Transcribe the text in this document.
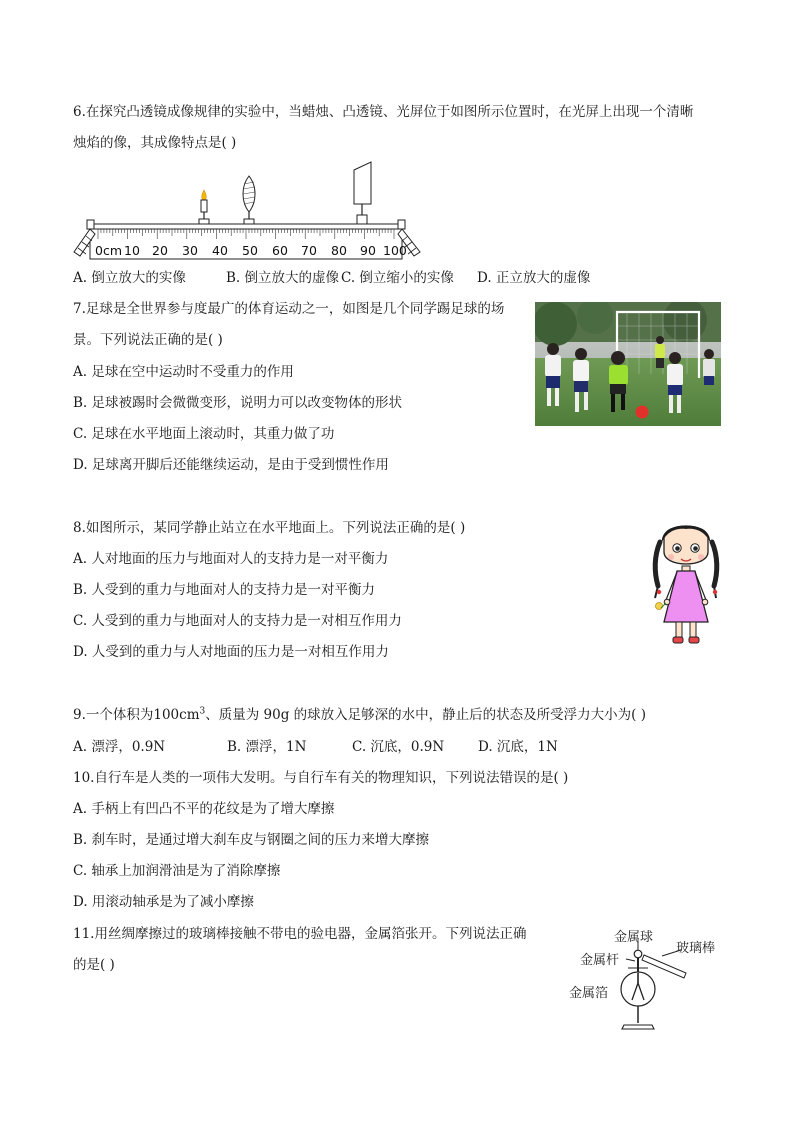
6.在探究凸透镜成像规律的实验中，当蜡烛、凸透镜、光屏位于如图所示位置时，在光屏上出现一个清晰
烛焰的像，其成像特点是( )
0cm 10 20 30 40 50 60 70 80 90 100
A. 倒立放大的实像	B. 倒立放大的虚像 C. 倒立缩小的实像 D. 正立放大的虚像
7.足球是全世界参与度最广的体育运动之一，如图是几个同学踢足球的场
景。下列说法正确的是( )
A. 足球在空中运动时不受重力的作用
B. 足球被踢时会微微变形，说明力可以改变物体的形状
C. 足球在水平地面上滚动时，其重力做了功
D. 足球离开脚后还能继续运动，是由于受到惯性作用
8.如图所示，某同学静止站立在水平地面上。下列说法正确的是( )
A. 人对地面的压力与地面对人的支持力是一对平衡力
B. 人受到的重力与地面对人的支持力是一对平衡力
C. 人受到的重力与地面对人的支持力是一对相互作用力
D. 人受到的重力与人对地面的压力是一对相互作用力
9.一个体积为$100cm^3$、质量为 90g 的球放入足够深的水中，静止后的状态及所受浮力大小为( )
A. 漂浮，0.9N	B. 漂浮，1N	C. 沉底，0.9N	D. 沉底，1N
10.自行车是人类的一项伟大发明。与自行车有关的物理知识，下列说法错误的是( )
A. 手柄上有凹凸不平的花纹是为了增大摩擦
B. 刹车时，是通过增大刹车皮与钢圈之间的压力来增大摩擦
C. 轴承上加润滑油是为了消除摩擦
D. 用滚动轴承是为了减小摩擦
11.用丝绸摩擦过的玻璃棒接触不带电的验电器，金属箔张开。下列说法正确
的是( )
金属球
金属杆
玻璃棒
金属箔
